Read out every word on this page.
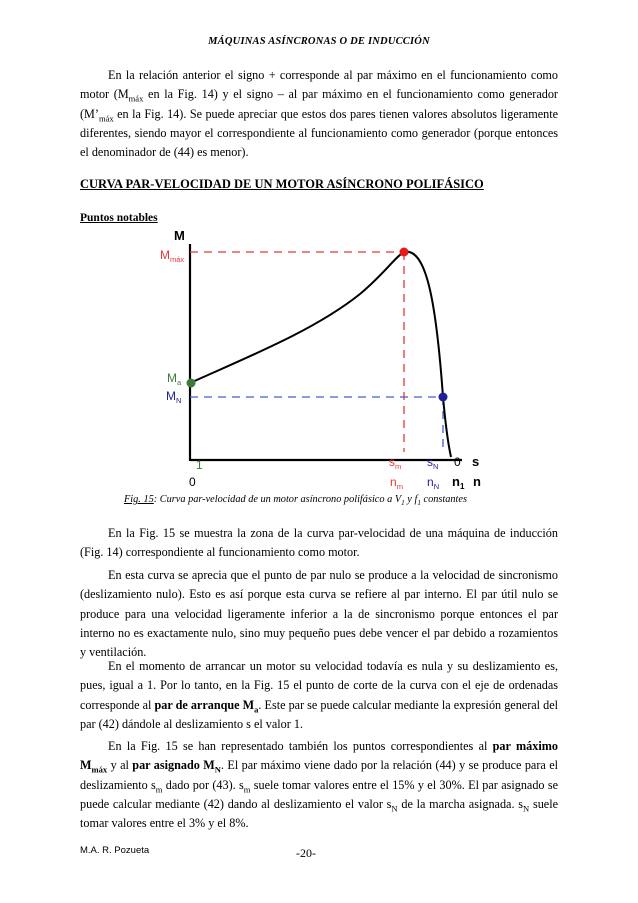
MÁQUINAS ASÍNCRONAS O DE INDUCCIÓN
En la relación anterior el signo + corresponde al par máximo en el funcionamiento como motor ($M_{máx}$ en la Fig. 14) y el signo – al par máximo en el funcionamiento como generador ($M’_{máx}$ en la Fig. 14). Se puede apreciar que estos dos pares tienen valores absolutos ligeramente diferentes, siendo mayor el correspondiente al funcionamiento como generador (porque entonces el denominador de (44) es menor).
CURVA PAR-VELOCIDAD DE UN MOTOR ASÍNCRONO POLIFÁSICO
Puntos notables
M
$M_{máx}$
$M_a$
$M_N$
1
0
$s_m$ $s_N$ 0 s
$n_m$ $n_N$ $n_1$ n
Fig. 15: Curva par-velocidad de un motor asíncrono polifásico a $V_1$ y $f_1$ constantes
En la Fig. 15 se muestra la zona de la curva par-velocidad de una máquina de inducción (Fig. 14) correspondiente al funcionamiento como motor.
En esta curva se aprecia que el punto de par nulo se produce a la velocidad de sincronismo (deslizamiento nulo). Esto es así porque esta curva se refiere al par interno. El par útil nulo se produce para una velocidad ligeramente inferior a la de sincronismo porque entonces el par interno no es exactamente nulo, sino muy pequeño pues debe vencer el par debido a rozamientos y ventilación.
En el momento de arrancar un motor su velocidad todavía es nula y su deslizamiento es, pues, igual a 1. Por lo tanto, en la Fig. 15 el punto de corte de la curva con el eje de ordenadas corresponde al par de arranque $M_a$. Este par se puede calcular mediante la expresión general del par (42) dándole al deslizamiento s el valor 1.
En la Fig. 15 se han representado también los puntos correspondientes al par máximo $M_{máx}$ y al par asignado $M_N$. El par máximo viene dado por la relación (44) y se produce para el deslizamiento $s_m$ dado por (43). $s_m$ suele tomar valores entre el 15% y el 30%. El par asignado se puede calcular mediante (42) dando al deslizamiento el valor $s_N$ de la marcha asignada. $s_N$ suele tomar valores entre el 3% y el 8%.
M.A. R. Pozueta	-20-
